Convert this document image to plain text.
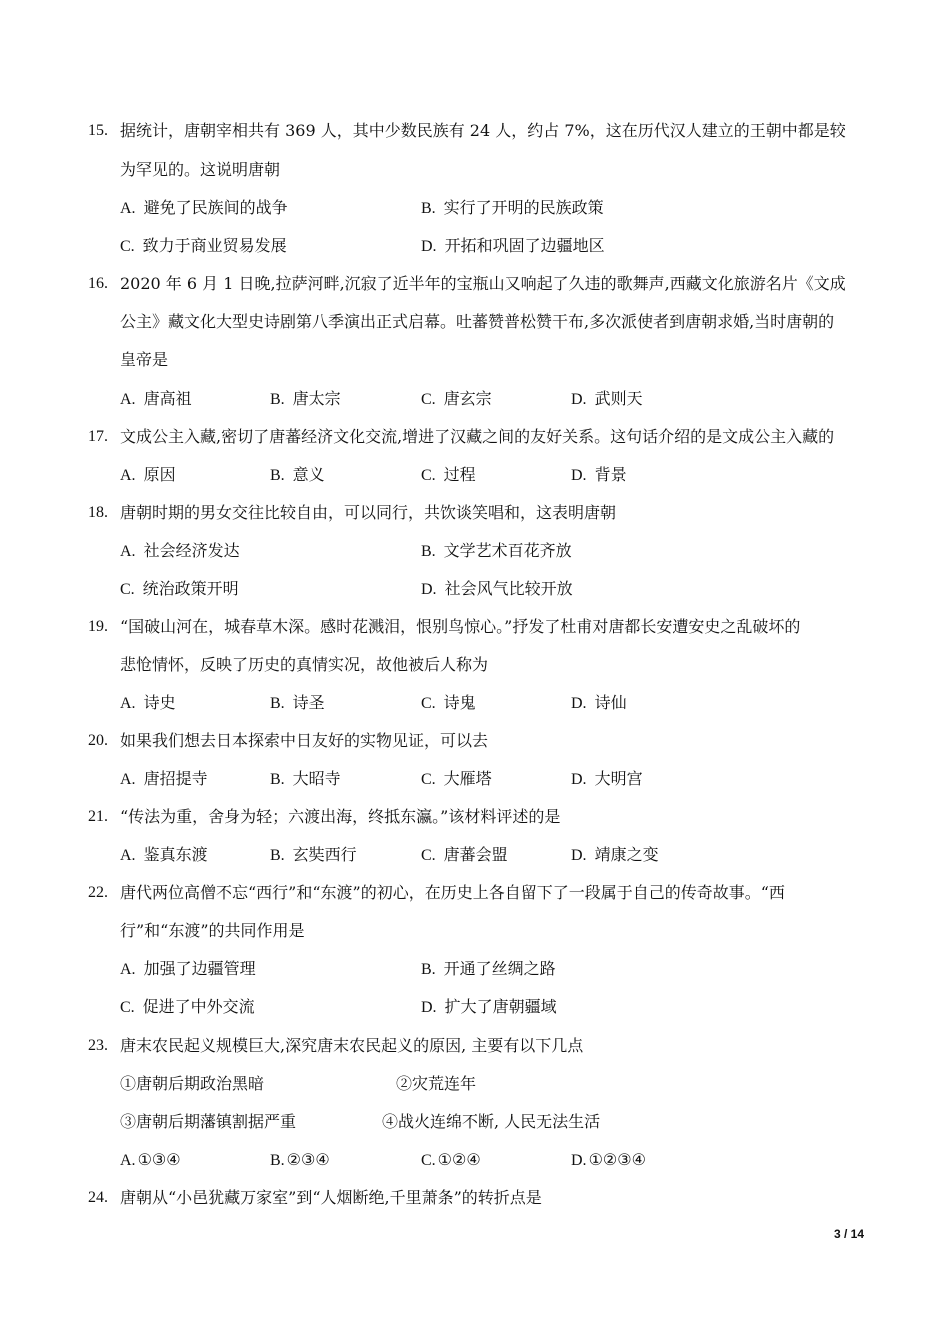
15. 据统计，唐朝宰相共有 369 人，其中少数民族有 24 人，约占 7%，这在历代汉人建立的王朝中都是较
为罕见的。这说明唐朝
A. 避免了民族间的战争	B. 实行了开明的民族政策
C. 致力于商业贸易发展	D. 开拓和巩固了边疆地区
16. 2020 年 6 月 1 日晚,拉萨河畔,沉寂了近半年的宝瓶山又响起了久违的歌舞声,西藏文化旅游名片《文成
公主》藏文化大型史诗剧第八季演出正式启幕。吐蕃赞普松赞干布,多次派使者到唐朝求婚,当时唐朝的
皇帝是
A. 唐高祖	B. 唐太宗	C. 唐玄宗	D. 武则天
17. 文成公主入藏,密切了唐蕃经济文化交流,增进了汉藏之间的友好关系。这句话介绍的是文成公主入藏的
A. 原因	B. 意义	C. 过程	D. 背景
18. 唐朝时期的男女交往比较自由，可以同行，共饮谈笑唱和，这表明唐朝
A. 社会经济发达	B. 文学艺术百花齐放
C. 统治政策开明	D. 社会风气比较开放
19. “国破山河在，城春草木深。感时花溅泪，恨别鸟惊心。”抒发了杜甫对唐都长安遭安史之乱破坏的
悲怆情怀，反映了历史的真情实况，故他被后人称为
A. 诗史	B. 诗圣	C. 诗鬼	D. 诗仙
20. 如果我们想去日本探索中日友好的实物见证，可以去
A. 唐招提寺	B. 大昭寺	C. 大雁塔	D. 大明宫
21. “传法为重，舍身为轻；六渡出海，终抵东瀛。”该材料评述的是
A. 鉴真东渡	B. 玄奘西行	C. 唐蕃会盟	D. 靖康之变
22. 唐代两位高僧不忘“西行”和“东渡”的初心，在历史上各自留下了一段属于自己的传奇故事。“西
行”和“东渡”的共同作用是
A. 加强了边疆管理	B. 开通了丝绸之路
C. 促进了中外交流	D. 扩大了唐朝疆域
23. 唐末农民起义规模巨大,深究唐末农民起义的原因, 主要有以下几点
①唐朝后期政治黑暗	②灾荒连年
③唐朝后期藩镇割据严重	④战火连绵不断, 人民无法生活
A. ①③④	B. ②③④	C. ①②④	D. ①②③④
24. 唐朝从“小邑犹藏万家室”到“人烟断绝,千里萧条”的转折点是
3 / 14
